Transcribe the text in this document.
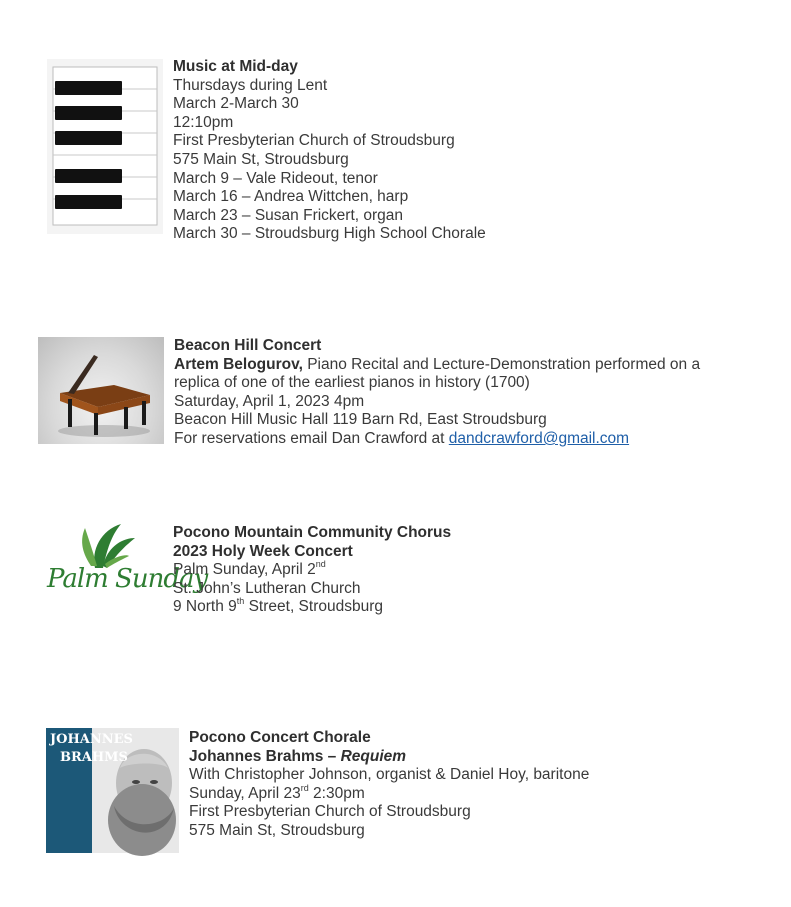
Music at Mid-day
Thursdays during Lent
March 2-March 30
12:10pm
First Presbyterian Church of Stroudsburg
575 Main St, Stroudsburg
March 9 – Vale Rideout, tenor
March 16 – Andrea Wittchen, harp
March 23 – Susan Frickert, organ
March 30 – Stroudsburg High School Chorale
Beacon Hill Concert
Artem Belogurov, Piano Recital and Lecture-Demonstration performed on a replica of one of the earliest pianos in history (1700)
Saturday, April 1, 2023 4pm
Beacon Hill Music Hall 119 Barn Rd, East Stroudsburg
For reservations email Dan Crawford at dandcrawford@gmail.com
Palm Sunday
Pocono Mountain Community Chorus
2023 Holy Week Concert
Palm Sunday, April 2nd
St. John’s Lutheran Church
9 North 9th Street, Stroudsburg
JOHANNES
BRAHMS
Pocono Concert Chorale
Johannes Brahms – Requiem
With Christopher Johnson, organist & Daniel Hoy, baritone
Sunday, April 23rd 2:30pm
First Presbyterian Church of Stroudsburg
575 Main St, Stroudsburg
